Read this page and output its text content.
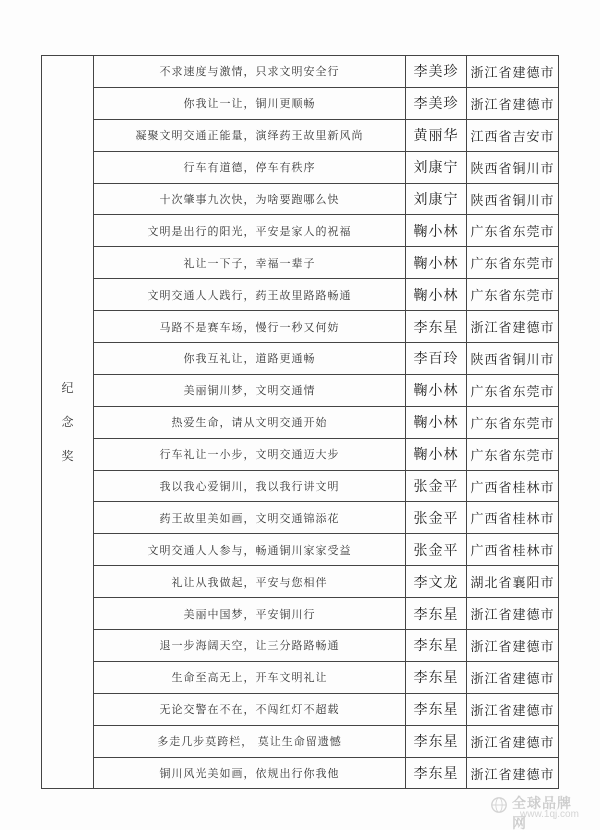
纪念奖	不求速度与激情，只求文明安全行	李美珍	浙江省建德市
	你我让一让，铜川更顺畅	李美珍	浙江省建德市
	凝聚文明交通正能量，演绎药王故里新风尚	黄丽华	江西省吉安市
	行车有道德，停车有秩序	刘康宁	陕西省铜川市
	十次肇事九次快，为啥要跑哪么快	刘康宁	陕西省铜川市
	文明是出行的阳光，平安是家人的祝福	鞠小林	广东省东莞市
	礼让一下子，幸福一辈子	鞠小林	广东省东莞市
	文明交通人人践行，药王故里路路畅通	鞠小林	广东省东莞市
	马路不是赛车场，慢行一秒又何妨	李东星	浙江省建德市
	你我互礼让，道路更通畅	李百玲	陕西省铜川市
	美丽铜川梦，文明交通情	鞠小林	广东省东莞市
	热爱生命，请从文明交通开始	鞠小林	广东省东莞市
	行车礼让一小步，文明交通迈大步	鞠小林	广东省东莞市
	我以我心爱铜川，我以我行讲文明	张金平	广西省桂林市
	药王故里美如画，文明交通锦添花	张金平	广西省桂林市
	文明交通人人参与，畅通铜川家家受益	张金平	广西省桂林市
	礼让从我做起，平安与您相伴	李文龙	湖北省襄阳市
	美丽中国梦，平安铜川行	李东星	浙江省建德市
	退一步海阔天空，让三分路路畅通	李东星	浙江省建德市
	生命至高无上，开车文明礼让	李东星	浙江省建德市
	无论交警在不在，不闯红灯不超载	李东星	浙江省建德市
	多走几步莫跨栏， 莫让生命留遗憾	李东星	浙江省建德市
	铜川风光美如画，依规出行你我他	李东星	浙江省建德市
全球品牌网
www.1qj.com
